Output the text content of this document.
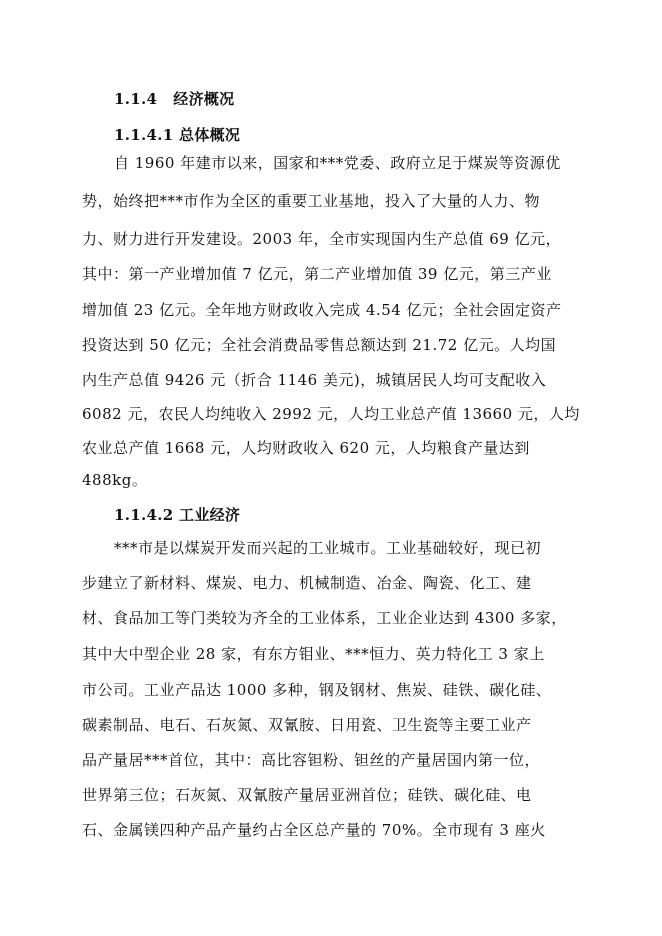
1.1.4 经济概况
1.1.4.1 总体概况
自 1960 年建市以来，国家和***党委、政府立足于煤炭等资源优
势，始终把***市作为全区的重要工业基地，投入了大量的人力、物
力、财力进行开发建设。2003 年，全市实现国内生产总值 69 亿元，
其中：第一产业增加值 7 亿元，第二产业增加值 39 亿元，第三产业
增加值 23 亿元。全年地方财政收入完成 4.54 亿元；全社会固定资产
投资达到 50 亿元；全社会消费品零售总额达到 21.72 亿元。人均国
内生产总值 9426 元（折合 1146 美元)，城镇居民人均可支配收入
6082 元，农民人均纯收入 2992 元，人均工业总产值 13660 元，人均
农业总产值 1668 元，人均财政收入 620 元，人均粮食产量达到
488kg。
1.1.4.2 工业经济
***市是以煤炭开发而兴起的工业城市。工业基础较好，现已初
步建立了新材料、煤炭、电力、机械制造、冶金、陶瓷、化工、建
材、食品加工等门类较为齐全的工业体系，工业企业达到 4300 多家，
其中大中型企业 28 家，有东方钼业、***恒力、英力特化工 3 家上
市公司。工业产品达 1000 多种，钢及钢材、焦炭、硅铁、碳化硅、
碳素制品、电石、石灰氮、双氰胺、日用瓷、卫生瓷等主要工业产
品产量居***首位，其中：高比容钽粉、钽丝的产量居国内第一位，
世界第三位；石灰氮、双氰胺产量居亚洲首位；硅铁、碳化硅、电
石、金属镁四种产品产量约占全区总产量的 70%。全市现有 3 座火
